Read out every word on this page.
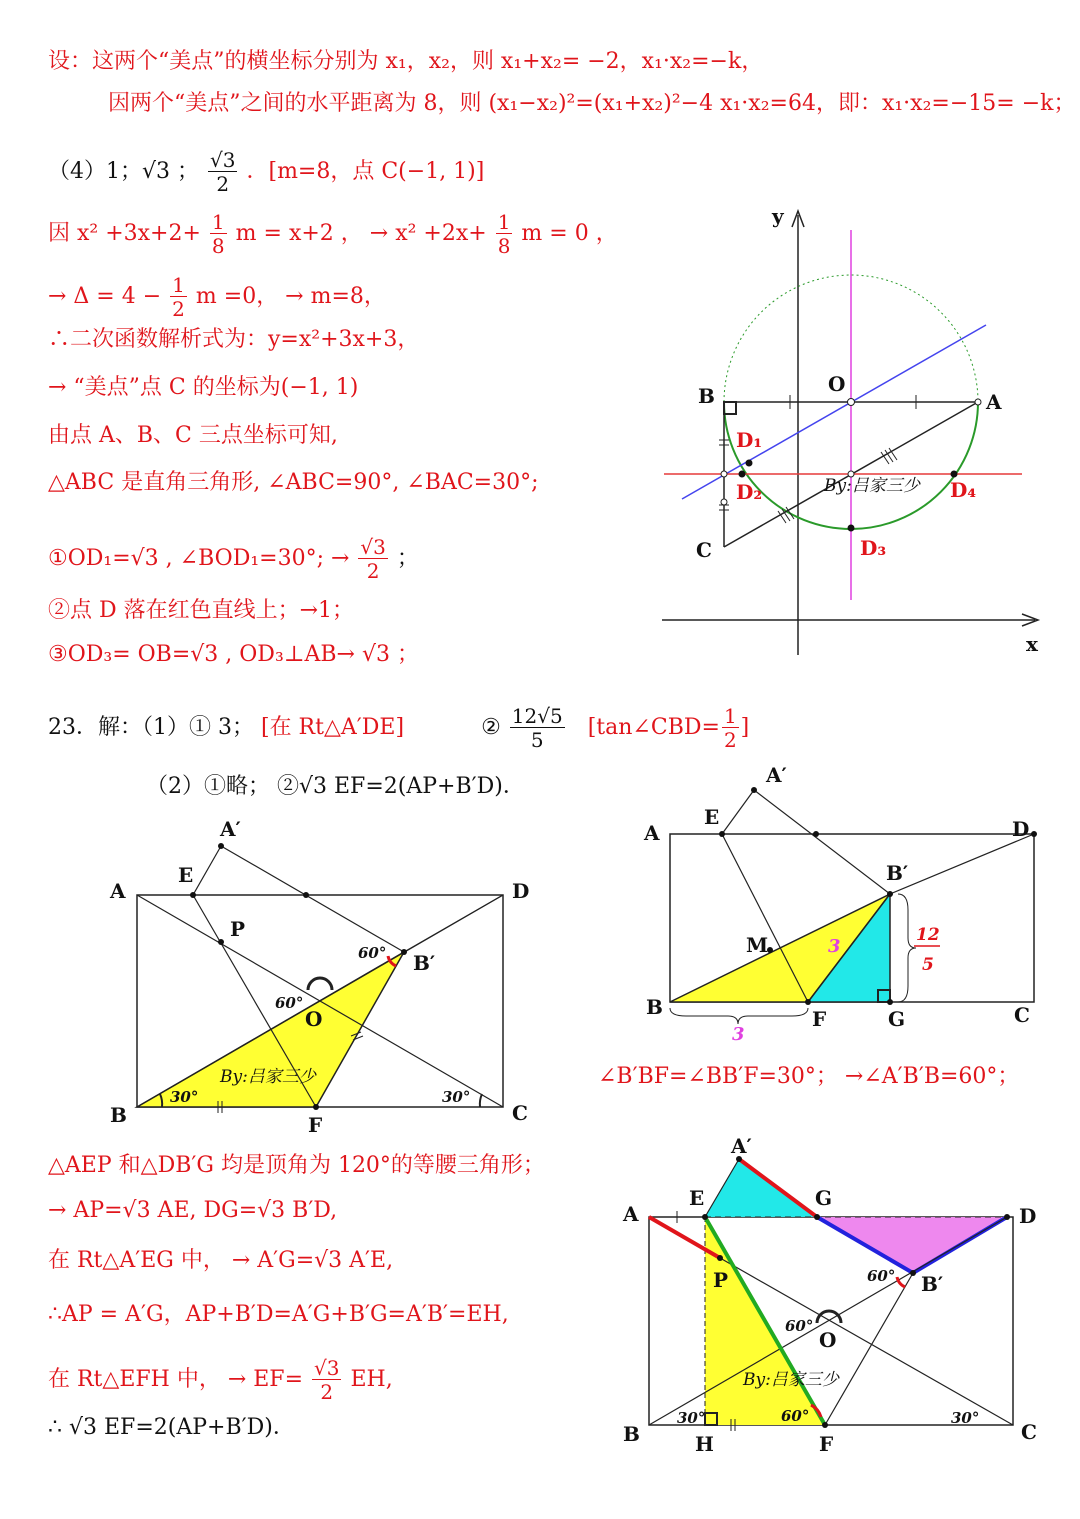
设：这两个“美点”的横坐标分别为 x₁，x₂，则 x₁+x₂= −2，x₁·x₂=−k，
因两个“美点”之间的水平距离为 8，则 (x₁−x₂)²=(x₁+x₂)²−4 x₁·x₂=64，即：x₁·x₂=−15= −k；
（4）1；√3 ； $\frac{√3}{2}$ ．[m=8，点 C(−1, 1)]
因 $x^2 +3x+2+ \frac{1}{8}$ m = x+2 ， → $x^2 +2x+ \frac{1}{8}$ m = 0 ，
→ $\Delta = 4 - \frac{1}{2}$ m =0， → m=8，
∴二次函数解析式为：y=x²+3x+3，
→ “美点”点 C 的坐标为(−1, 1)
由点 A、B、C 三点坐标可知,
△ABC 是直角三角形, ∠ABC=90°, ∠BAC=30°;
①OD₁=√3 , ∠BOD₁=30°; → $\frac{√3}{2}$ ；
②点 D 落在红色直线上；→1；
③OD₃= OB=√3 , OD₃⊥AB→ √3 ；
23．解：（1）① 3； [在 Rt△A′DE]	② $\frac{12√5}{5}$ [tan∠CBD= $\frac{1}{2}$ ]
（2）①略； ②√3 EF=2(AP+B′D)．
∠B′BF=∠BB′F=30°； →∠A′B′B=60°；
△AEP 和△DB′G 均是顶角为 120°的等腰三角形；
→ AP=√3 AE, DG=√3 B′D,
在 Rt△A′EG 中， → A′G=√3 A′E,
∴AP = A′G，AP+B′D=A′G+B′G=A′B′=EH,
在 Rt△EFH 中， → $EF= \frac{√3}{2}$ EH,
∴ √3 EF=2(AP+B′D)．
y
x
B	O
A
C
D₁
D₂
D₃
D₄
By:吕家三少
A′
E
A	D
P
B′
O
B	F	C
60°
60°
30°	30°
By:吕家三少
A′
E
A	D
B′
M
B	F	G	C
3
3
12
5
A′
E	G
A	D
P	B′
O
B	H	F	C
60°
60°
60°
30°	30°
By:吕家三少
